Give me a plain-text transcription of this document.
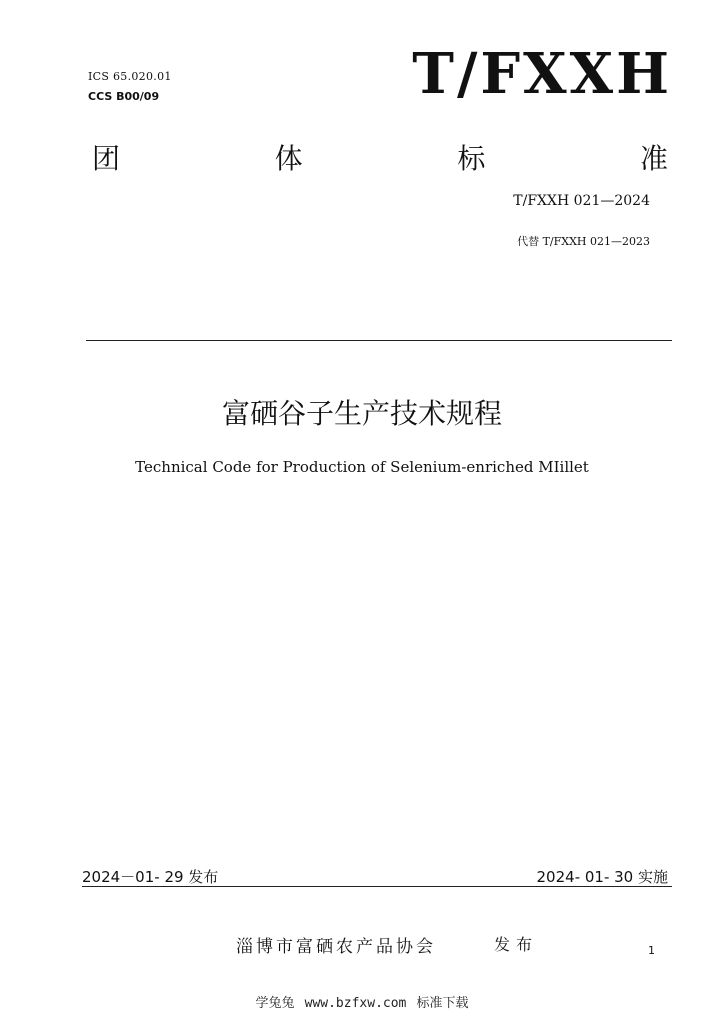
ICS 65.020.01
CCS B00/09	T/FXXH
团	体	标	准
T/FXXH 021—2024
代替 T/FXXH 021—2023
富硒谷子生产技术规程
Technical Code for Production of Selenium-enriched MIillet
2024－01- 29 发布	2024- 01- 30 实施
淄博市富硒农产品协会	发布	1
学兔兔 www.bzfxw.com 标准下载
